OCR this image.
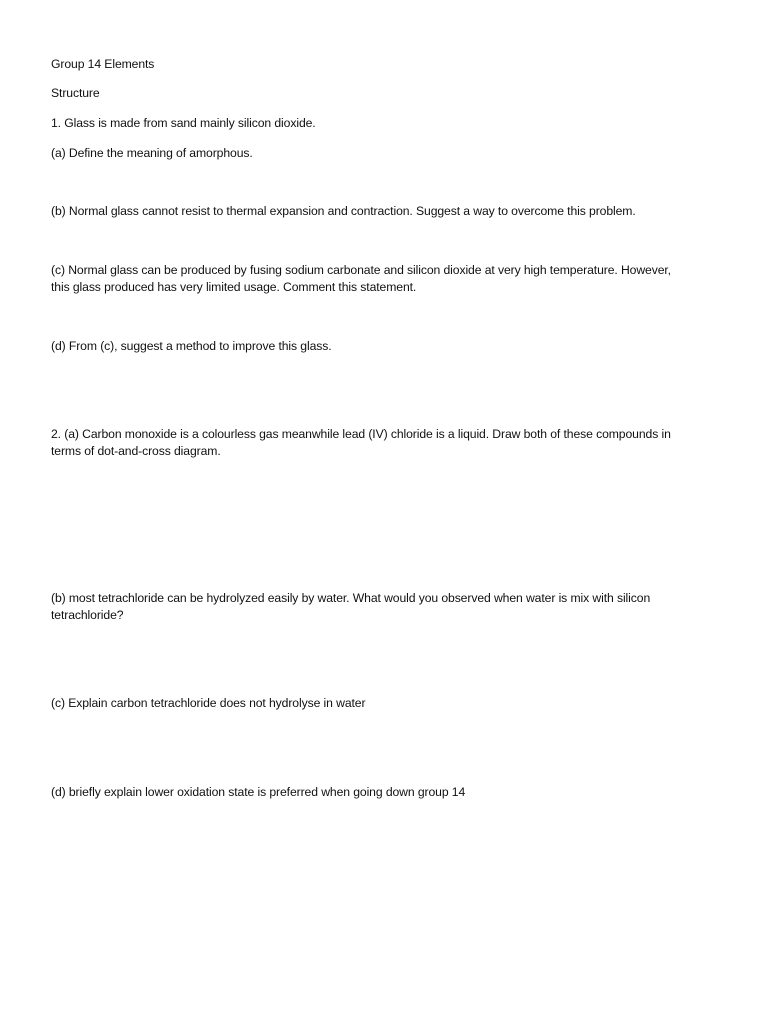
Group 14 Elements
Structure
1. Glass is made from sand mainly silicon dioxide.
(a) Define the meaning of amorphous.
(b) Normal glass cannot resist to thermal expansion and contraction. Suggest a way to overcome this problem.
(c) Normal glass can be produced by fusing sodium carbonate and silicon dioxide at very high temperature. However,
this glass produced has very limited usage. Comment this statement.
(d) From (c), suggest a method to improve this glass.
2. (a) Carbon monoxide is a colourless gas meanwhile lead (IV) chloride is a liquid. Draw both of these compounds in
terms of dot-and-cross diagram.
(b) most tetrachloride can be hydrolyzed easily by water. What would you observed when water is mix with silicon
tetrachloride?
(c) Explain carbon tetrachloride does not hydrolyse in water
(d) briefly explain lower oxidation state is preferred when going down group 14
